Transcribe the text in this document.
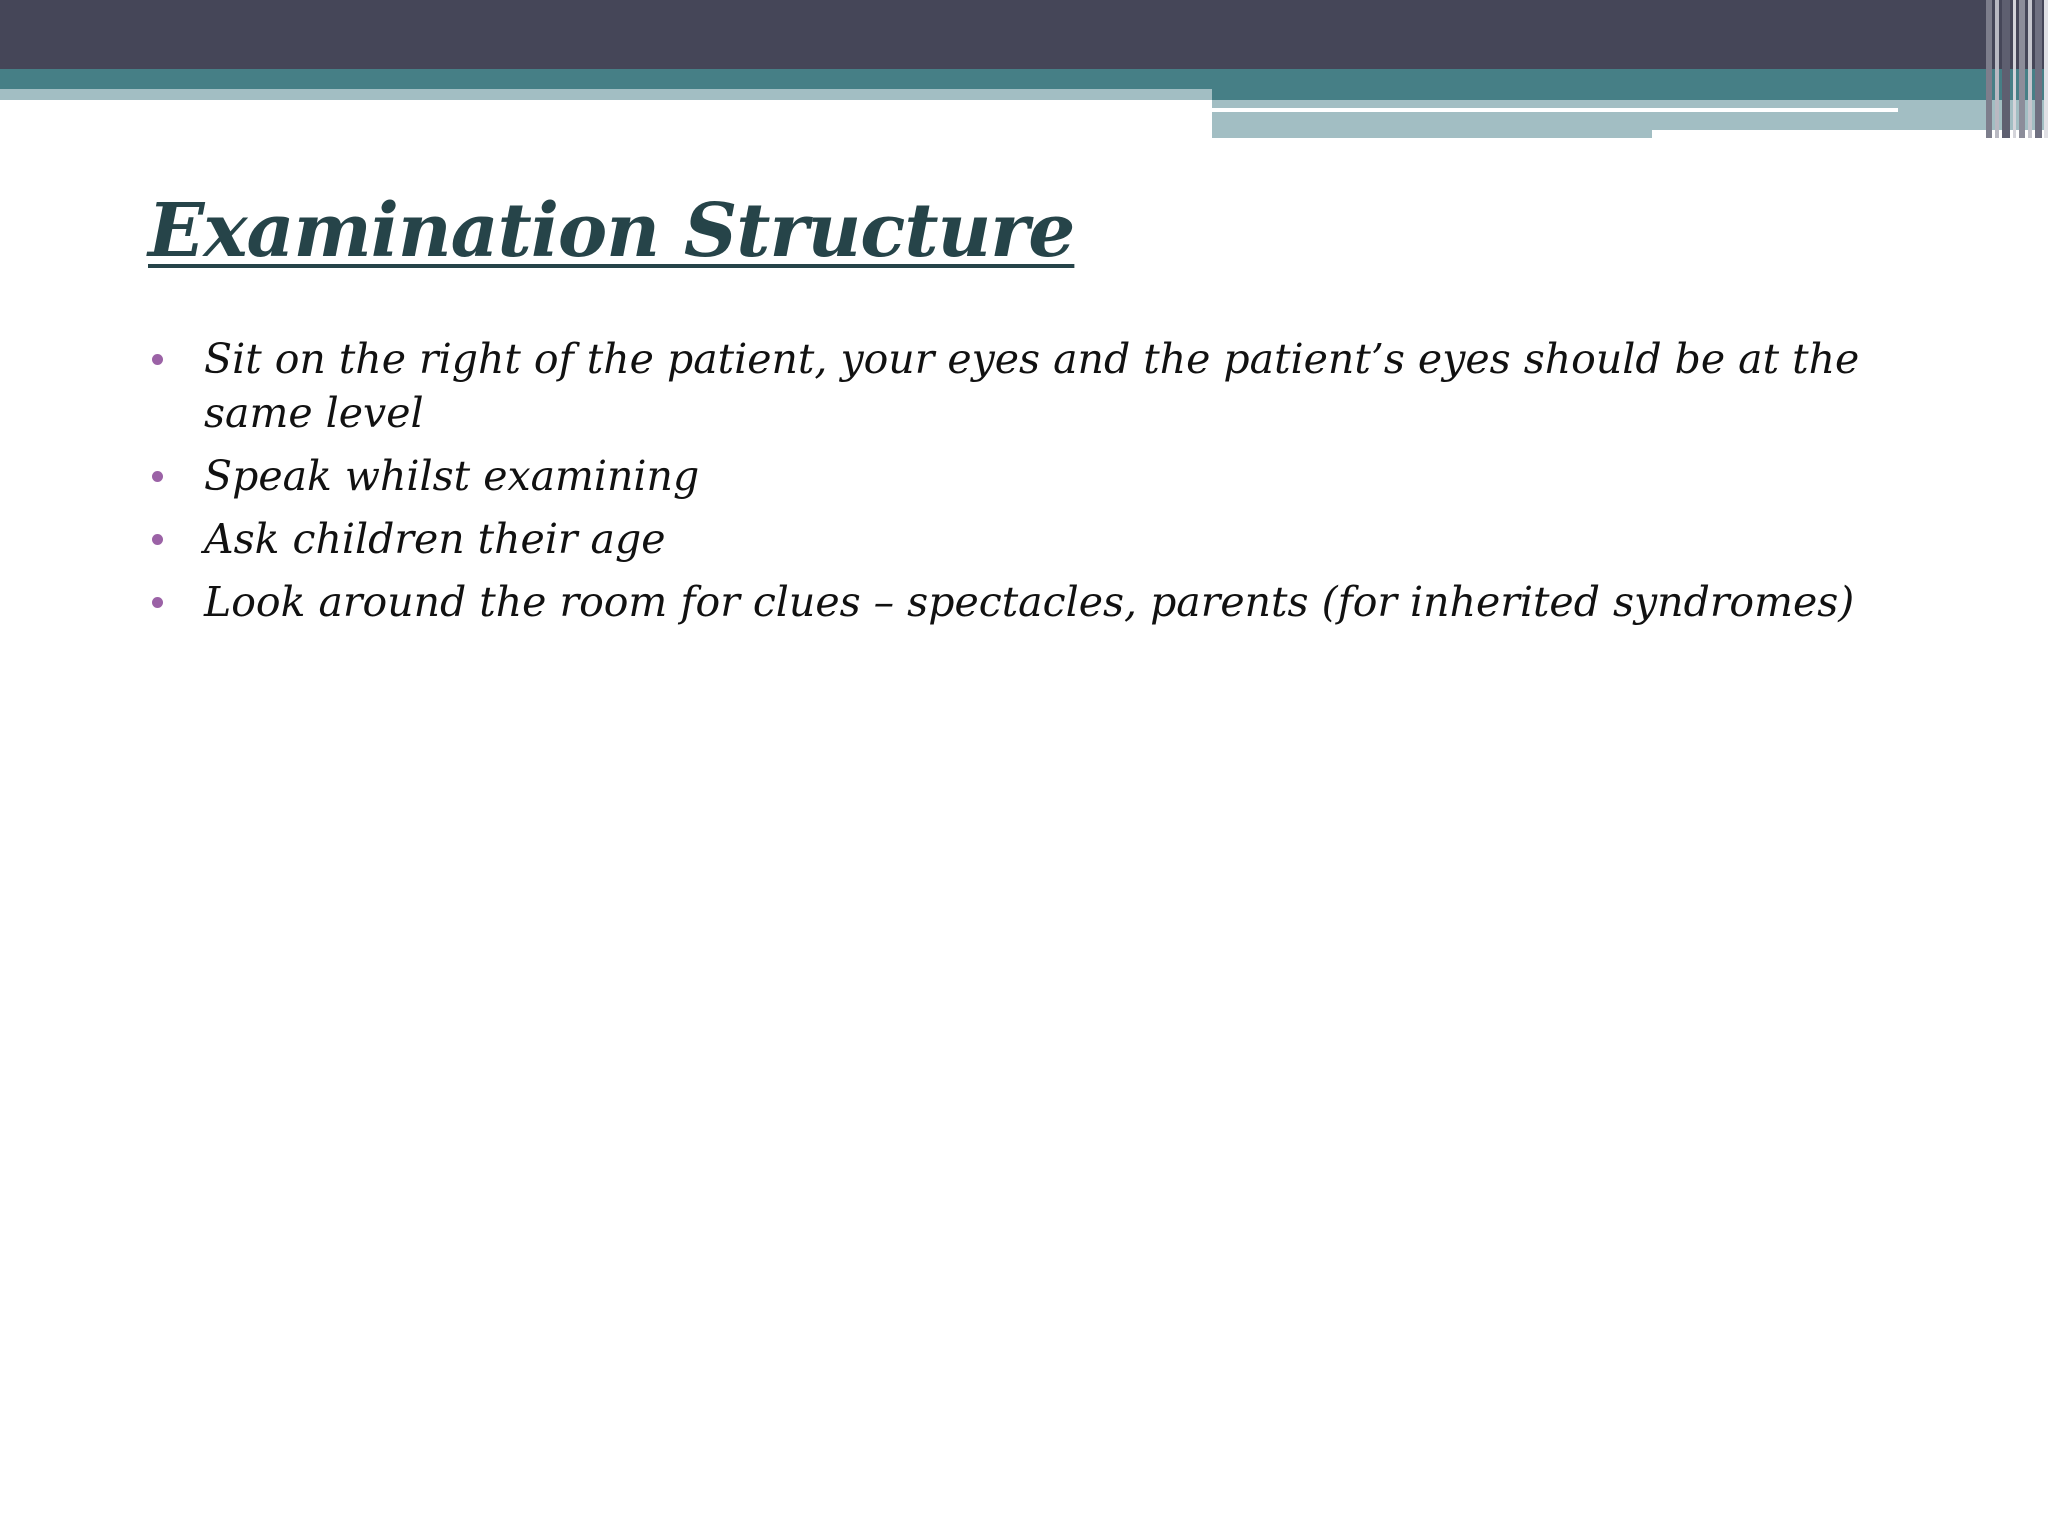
Examination Structure
Sit on the right of the patient, your eyes and the patient’s eyes should be at the same level
Speak whilst examining
Ask children their age
Look around the room for clues – spectacles, parents (for inherited syndromes)
